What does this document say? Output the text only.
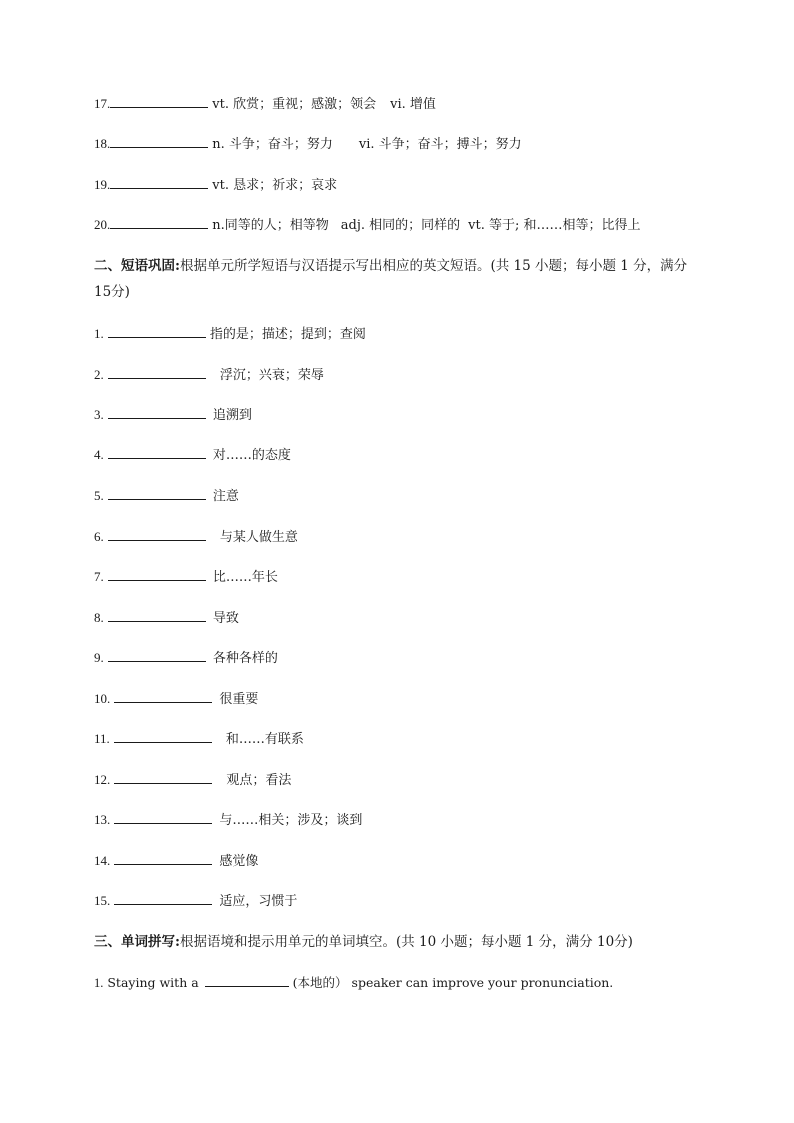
17.	vt. 欣赏；重视；感激；领会 vi. 增值
18.	n. 斗争；奋斗；努力 vi. 斗争；奋斗；搏斗；努力
19.	vt. 恳求；祈求；哀求
20.	n.同等的人；相等物 adj. 相同的；同样的 vt. 等于; 和……相等；比得上
二、短语巩固:根据单元所学短语与汉语提示写出相应的英文短语。(共 15 小题；每小题 1 分，满分 15分)
1.	指的是；描述；提到；查阅
2.	浮沉；兴衰；荣辱
3.	追溯到
4.	对……的态度
5.	注意
6.	与某人做生意
7.	比……年长
8.	导致
9.	各种各样的
10.	很重要
11.	和……有联系
12.	观点；看法
13.	与……相关；涉及；谈到
14.	感觉像
15.	适应，习惯于
三、单词拼写:根据语境和提示用单元的单词填空。(共 10 小题；每小题 1 分，满分 10分)
1. Staying with a	(本地的） speaker can improve your pronunciation.
